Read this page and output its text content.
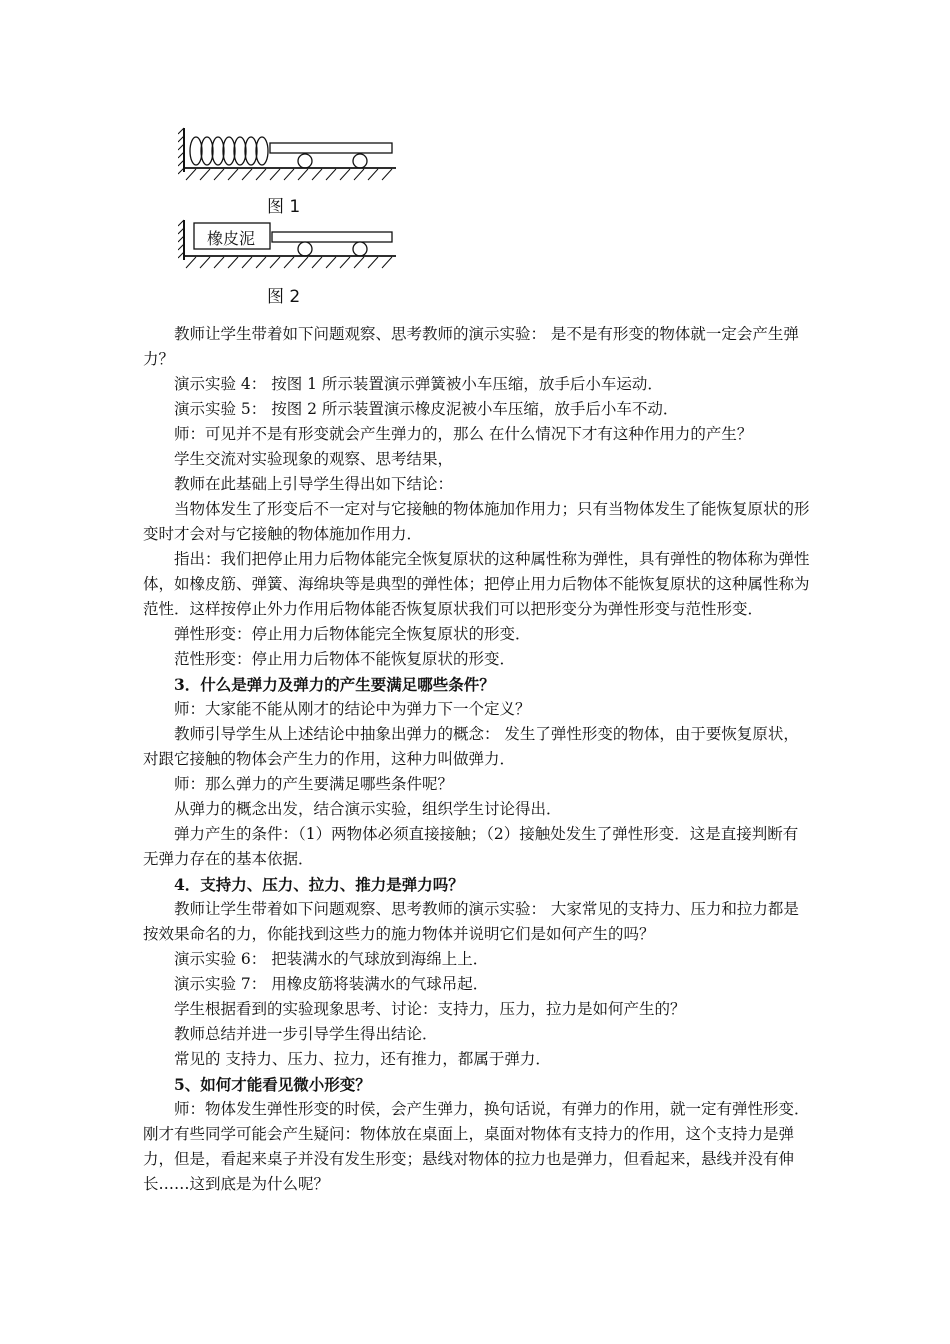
图 1
橡皮泥
图 2

教师让学生带着如下问题观察、思考教师的演示实验： 是不是有形变的物体就一定会产生弹力？

演示实验 4： 按图 1 所示装置演示弹簧被小车压缩，放手后小车运动．

演示实验 5： 按图 2 所示装置演示橡皮泥被小车压缩，放手后小车不动．

师：可见并不是有形变就会产生弹力的，那么 在什么情况下才有这种作用力的产生？

学生交流对实验现象的观察、思考结果，

教师在此基础上引导学生得出如下结论：

当物体发生了形变后不一定对与它接触的物体施加作用力；只有当物体发生了能恢复原状的形变时才会对与它接触的物体施加作用力．

指出：我们把停止用力后物体能完全恢复原状的这种属性称为弹性，具有弹性的物体称为弹性体，如橡皮筋、弹簧、海绵块等是典型的弹性体；把停止用力后物体不能恢复原状的这种属性称为范性．这样按停止外力作用后物体能否恢复原状我们可以把形变分为弹性形变与范性形变．

弹性形变：停止用力后物体能完全恢复原状的形变．

范性形变：停止用力后物体不能恢复原状的形变．

3．什么是弹力及弹力的产生要满足哪些条件？

师：大家能不能从刚才的结论中为弹力下一个定义？

教师引导学生从上述结论中抽象出弹力的概念： 发生了弹性形变的物体，由于要恢复原状，对跟它接触的物体会产生力的作用，这种力叫做弹力．

师：那么弹力的产生要满足哪些条件呢？

从弹力的概念出发，结合演示实验，组织学生讨论得出．

弹力产生的条件：（1）两物体必须直接接触；（2）接触处发生了弹性形变．这是直接判断有无弹力存在的基本依据．

4．支持力、压力、拉力、推力是弹力吗？

教师让学生带着如下问题观察、思考教师的演示实验： 大家常见的支持力、压力和拉力都是按效果命名的力，你能找到这些力的施力物体并说明它们是如何产生的吗？

演示实验 6： 把装满水的气球放到海绵上上．

演示实验 7： 用橡皮筋将装满水的气球吊起．

学生根据看到的实验现象思考、讨论：支持力，压力，拉力是如何产生的？

教师总结并进一步引导学生得出结论．

常见的 支持力、压力、拉力，还有推力，都属于弹力．

5、如何才能看见微小形变？

师：物体发生弹性形变的时侯，会产生弹力，换句话说，有弹力的作用，就一定有弹性形变．刚才有些同学可能会产生疑问：物体放在桌面上，桌面对物体有支持力的作用，这个支持力是弹力，但是，看起来桌子并没有发生形变；悬线对物体的拉力也是弹力，但看起来，悬线并没有伸长……这到底是为什么呢？
